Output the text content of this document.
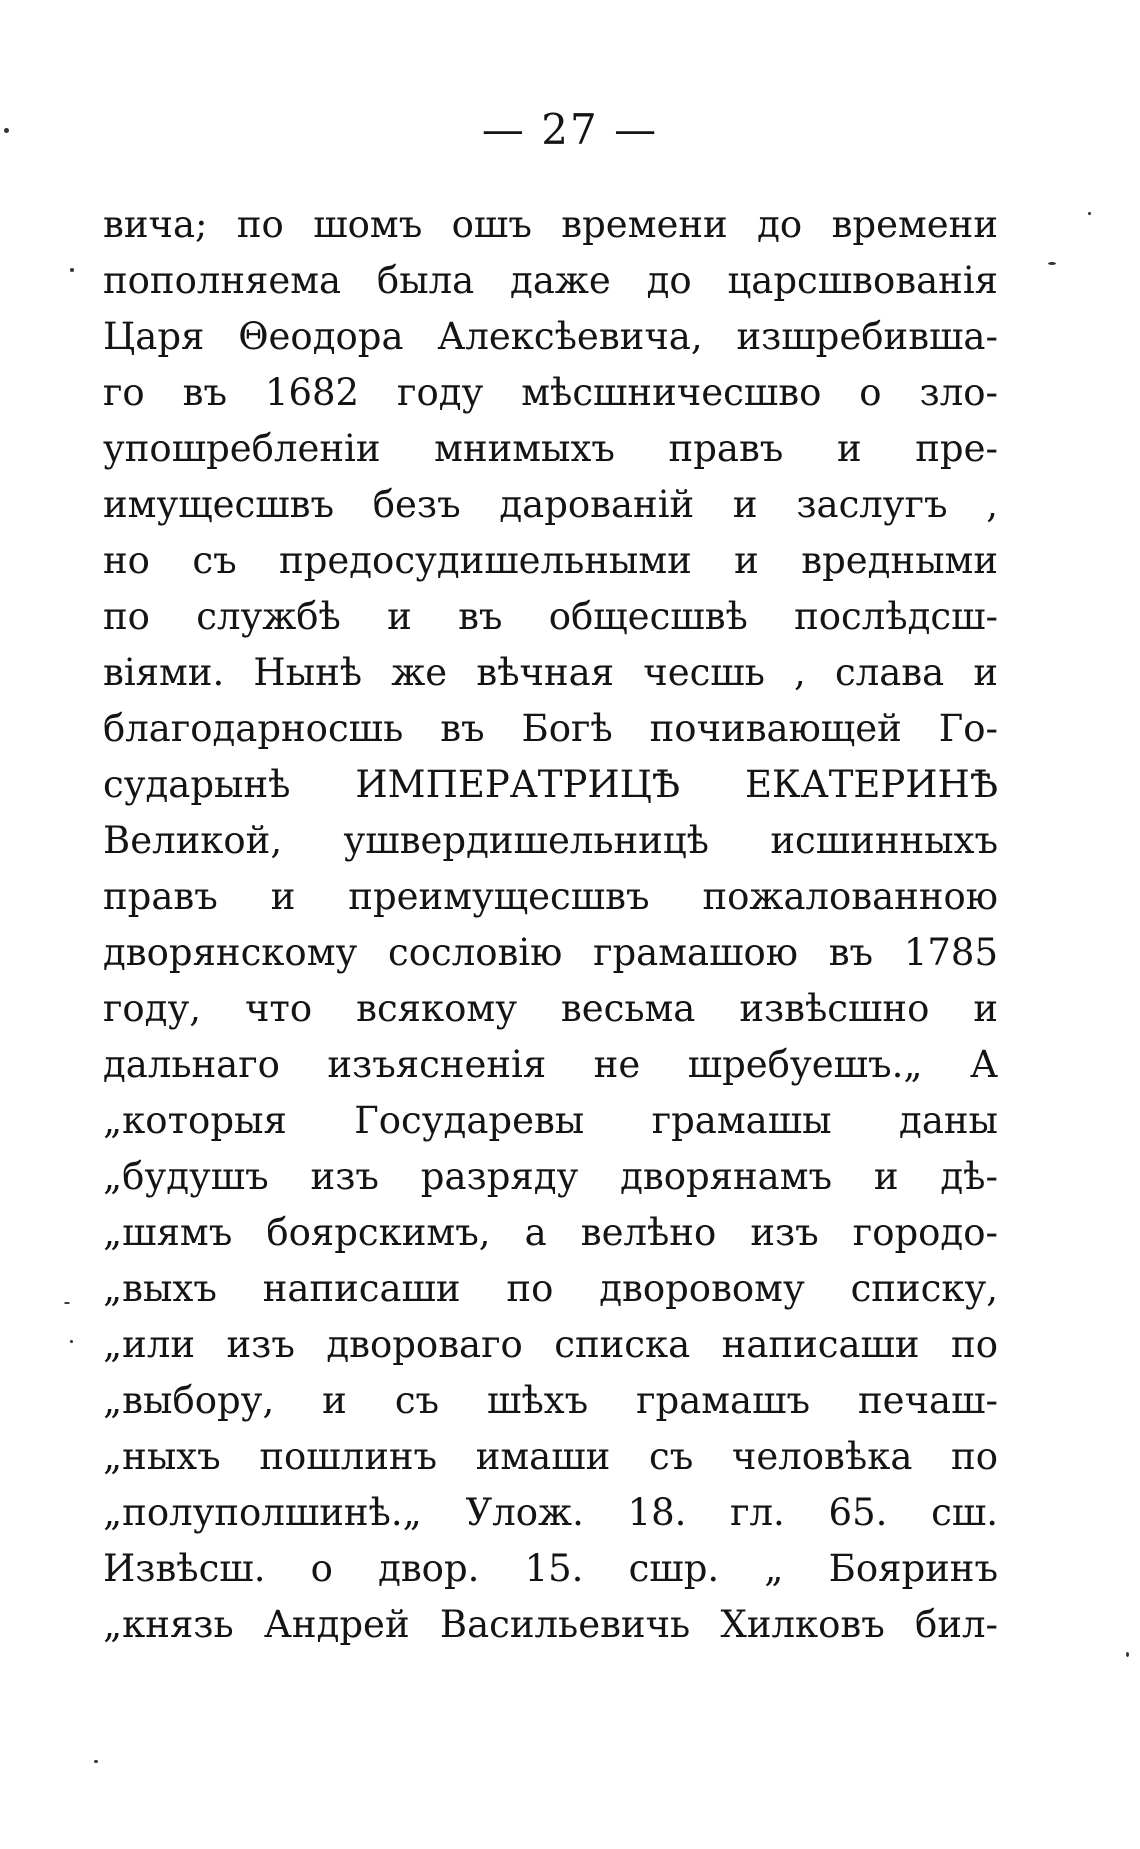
— 27 —
вича; по шомъ ошъ времени до времени
пополняема была даже до царсшвованія
Царя Θеодора Алексѣевича, изшребивша-
го въ 1682 году мѣсшничесшво о зло-
упошребленіи мнимыхъ правъ и пре-
имущесшвъ безъ дарованій и заслугъ ,
но съ предосудишельными и вредными
по службѣ и въ общесшвѣ послѣдсш-
віями. Нынѣ же вѣчная чесшь , слава и
благодарносшь въ Богѣ почивающей Го-
сударынѣ ИМПЕРАТРИЦѢ ЕКАТЕРИНѢ
Великой, ушвердишельницѣ исшинныхъ
правъ и преимущесшвъ пожалованною
дворянскому сословію грамашою въ 1785
году, что всякому весьма извѣсшно и
дальнаго изъясненія не шребуешъ.„ А
„которыя Государевы грамашы даны
„будушъ изъ разряду дворянамъ и дѣ-
„шямъ боярскимъ, а велѣно изъ городо-
„выхъ написаши по дворовому списку,
„или изъ двороваго списка написаши по
„выбору, и съ шѣхъ грамашъ печаш-
„ныхъ пошлинъ имаши съ человѣка по
„полуполшинѣ.„ Улож. 18. гл. 65. сш.
Извѣсш. о двор. 15. сшр. „ Бояринъ
„князь Андрей Васильевичь Хилковъ бил-
